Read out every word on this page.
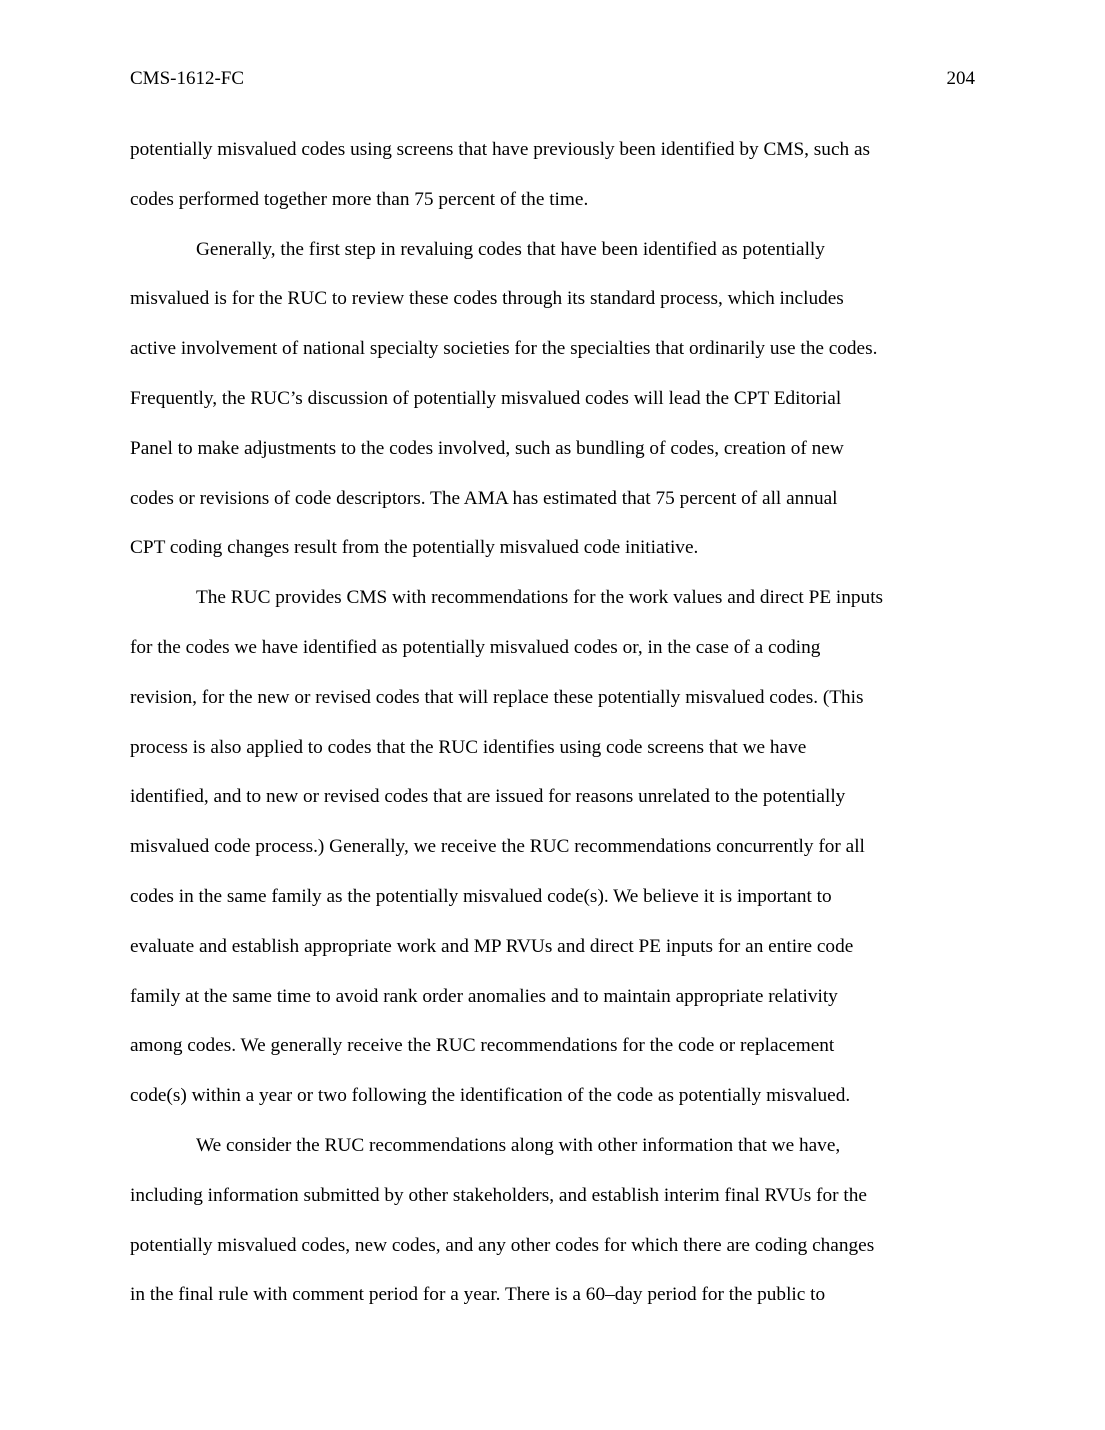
CMS-1612-FC	204
potentially misvalued codes using screens that have previously been identified by CMS, such as
codes performed together more than 75 percent of the time.
Generally, the first step in revaluing codes that have been identified as potentially
misvalued is for the RUC to review these codes through its standard process, which includes
active involvement of national specialty societies for the specialties that ordinarily use the codes.
Frequently, the RUC’s discussion of potentially misvalued codes will lead the CPT Editorial
Panel to make adjustments to the codes involved, such as bundling of codes, creation of new
codes or revisions of code descriptors. The AMA has estimated that 75 percent of all annual
CPT coding changes result from the potentially misvalued code initiative.
The RUC provides CMS with recommendations for the work values and direct PE inputs
for the codes we have identified as potentially misvalued codes or, in the case of a coding
revision, for the new or revised codes that will replace these potentially misvalued codes. (This
process is also applied to codes that the RUC identifies using code screens that we have
identified, and to new or revised codes that are issued for reasons unrelated to the potentially
misvalued code process.) Generally, we receive the RUC recommendations concurrently for all
codes in the same family as the potentially misvalued code(s). We believe it is important to
evaluate and establish appropriate work and MP RVUs and direct PE inputs for an entire code
family at the same time to avoid rank order anomalies and to maintain appropriate relativity
among codes. We generally receive the RUC recommendations for the code or replacement
code(s) within a year or two following the identification of the code as potentially misvalued.
We consider the RUC recommendations along with other information that we have,
including information submitted by other stakeholders, and establish interim final RVUs for the
potentially misvalued codes, new codes, and any other codes for which there are coding changes
in the final rule with comment period for a year. There is a 60–day period for the public to
